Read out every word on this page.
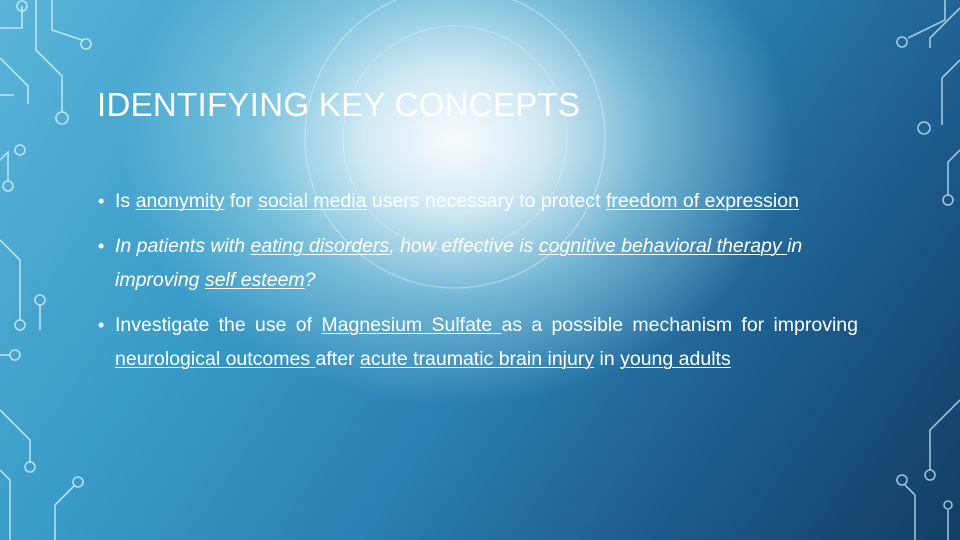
IDENTIFYING KEY CONCEPTS
• Is anonymity for social media users necessary to protect freedom of expression
• In patients with eating disorders, how effective is cognitive behavioral therapy in improving self esteem?
• Investigate the use of Magnesium Sulfate as a possible mechanism for improving neurological outcomes after acute traumatic brain injury in young adults
